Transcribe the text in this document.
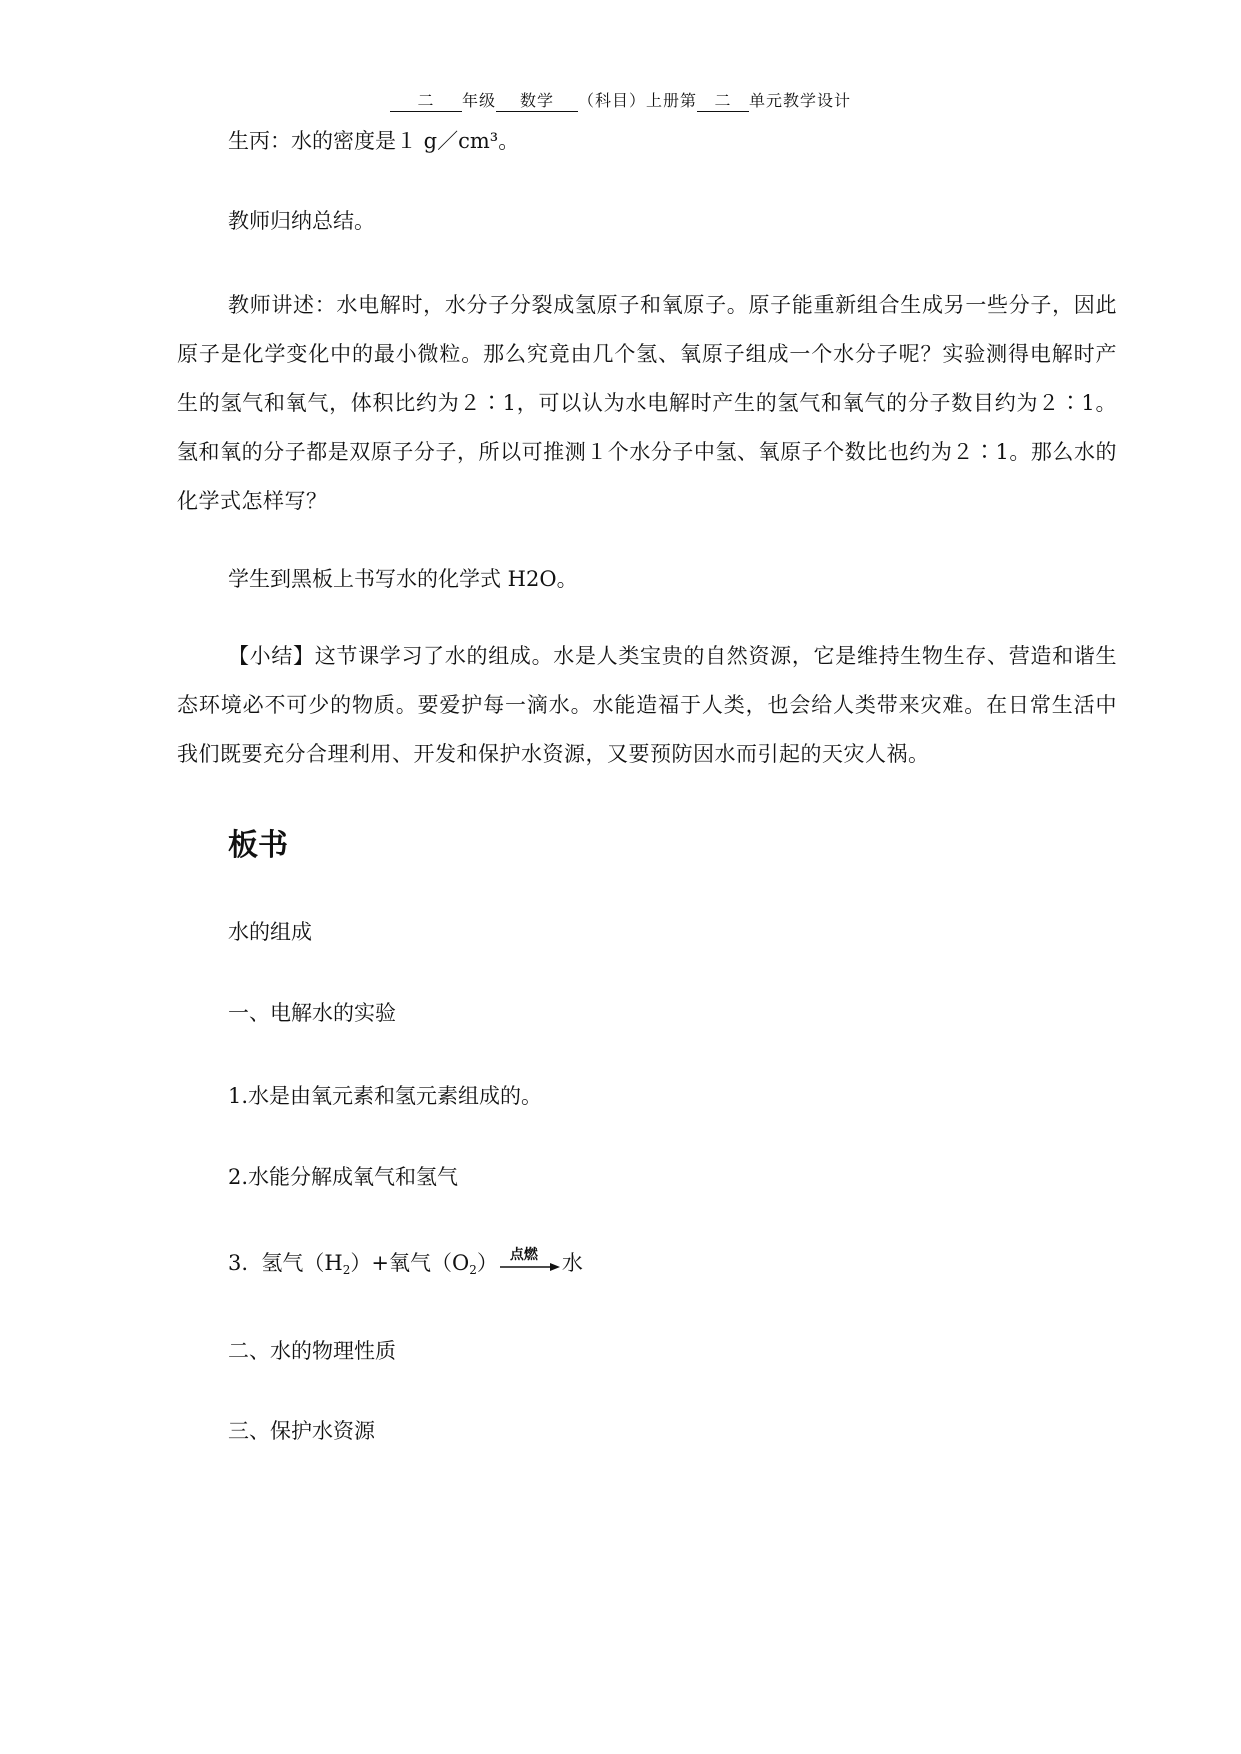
二 年级 数学 （科目）上册第 二 单元教学设计
生丙：水的密度是１ g／cm³。
教师归纳总结。
教师讲述：水电解时，水分子分裂成氢原子和氧原子。原子能重新组合生成另一些分子，因此原子是化学变化中的最小微粒。那么究竟由几个氢、氧原子组成一个水分子呢？实验测得电解时产生的氢气和氧气，体积比约为２∶1，可以认为水电解时产生的氢气和氧气的分子数目约为２∶1。氢和氧的分子都是双原子分子，所以可推测１个水分子中氢、氧原子个数比也约为２∶1。那么水的化学式怎样写？
学生到黑板上书写水的化学式 H2O。
【小结】这节课学习了水的组成。水是人类宝贵的自然资源，它是维持生物生存、营造和谐生态环境必不可少的物质。要爱护每一滴水。水能造福于人类，也会给人类带来灾难。在日常生活中我们既要充分合理利用、开发和保护水资源，又要预防因水而引起的天灾人祸。
板书
水的组成
一、电解水的实验
1.水是由氧元素和氢元素组成的。
2.水能分解成氧气和氢气
3. 氢气$(H_2)+$氧气$(O_2)$ 点燃 水
二、水的物理性质
三、保护水资源
